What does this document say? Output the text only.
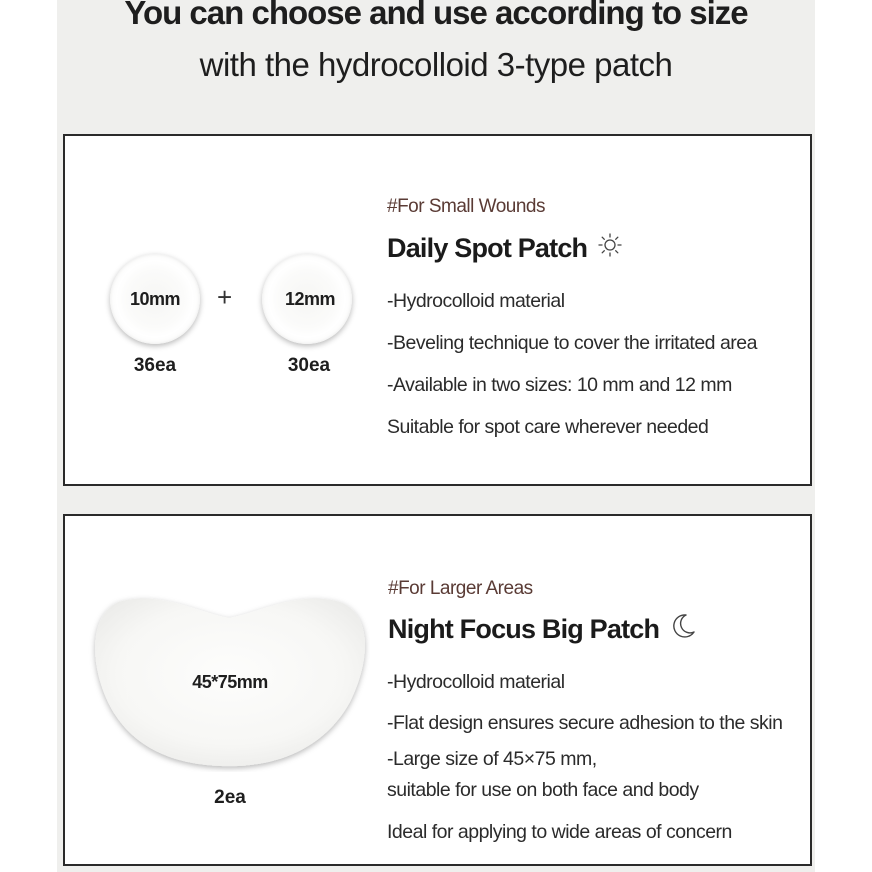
You can choose and use according to size
with the hydrocolloid 3-type patch
10mm	+	12mm
36ea	30ea
#For Small Wounds
Daily Spot Patch
-Hydrocolloid material
-Beveling technique to cover the irritated area
-Available in two sizes: 10 mm and 12 mm
Suitable for spot care wherever needed
45*75mm
2ea
#For Larger Areas
Night Focus Big Patch
-Hydrocolloid material
-Flat design ensures secure adhesion to the skin
-Large size of 45×75 mm,
suitable for use on both face and body
Ideal for applying to wide areas of concern
